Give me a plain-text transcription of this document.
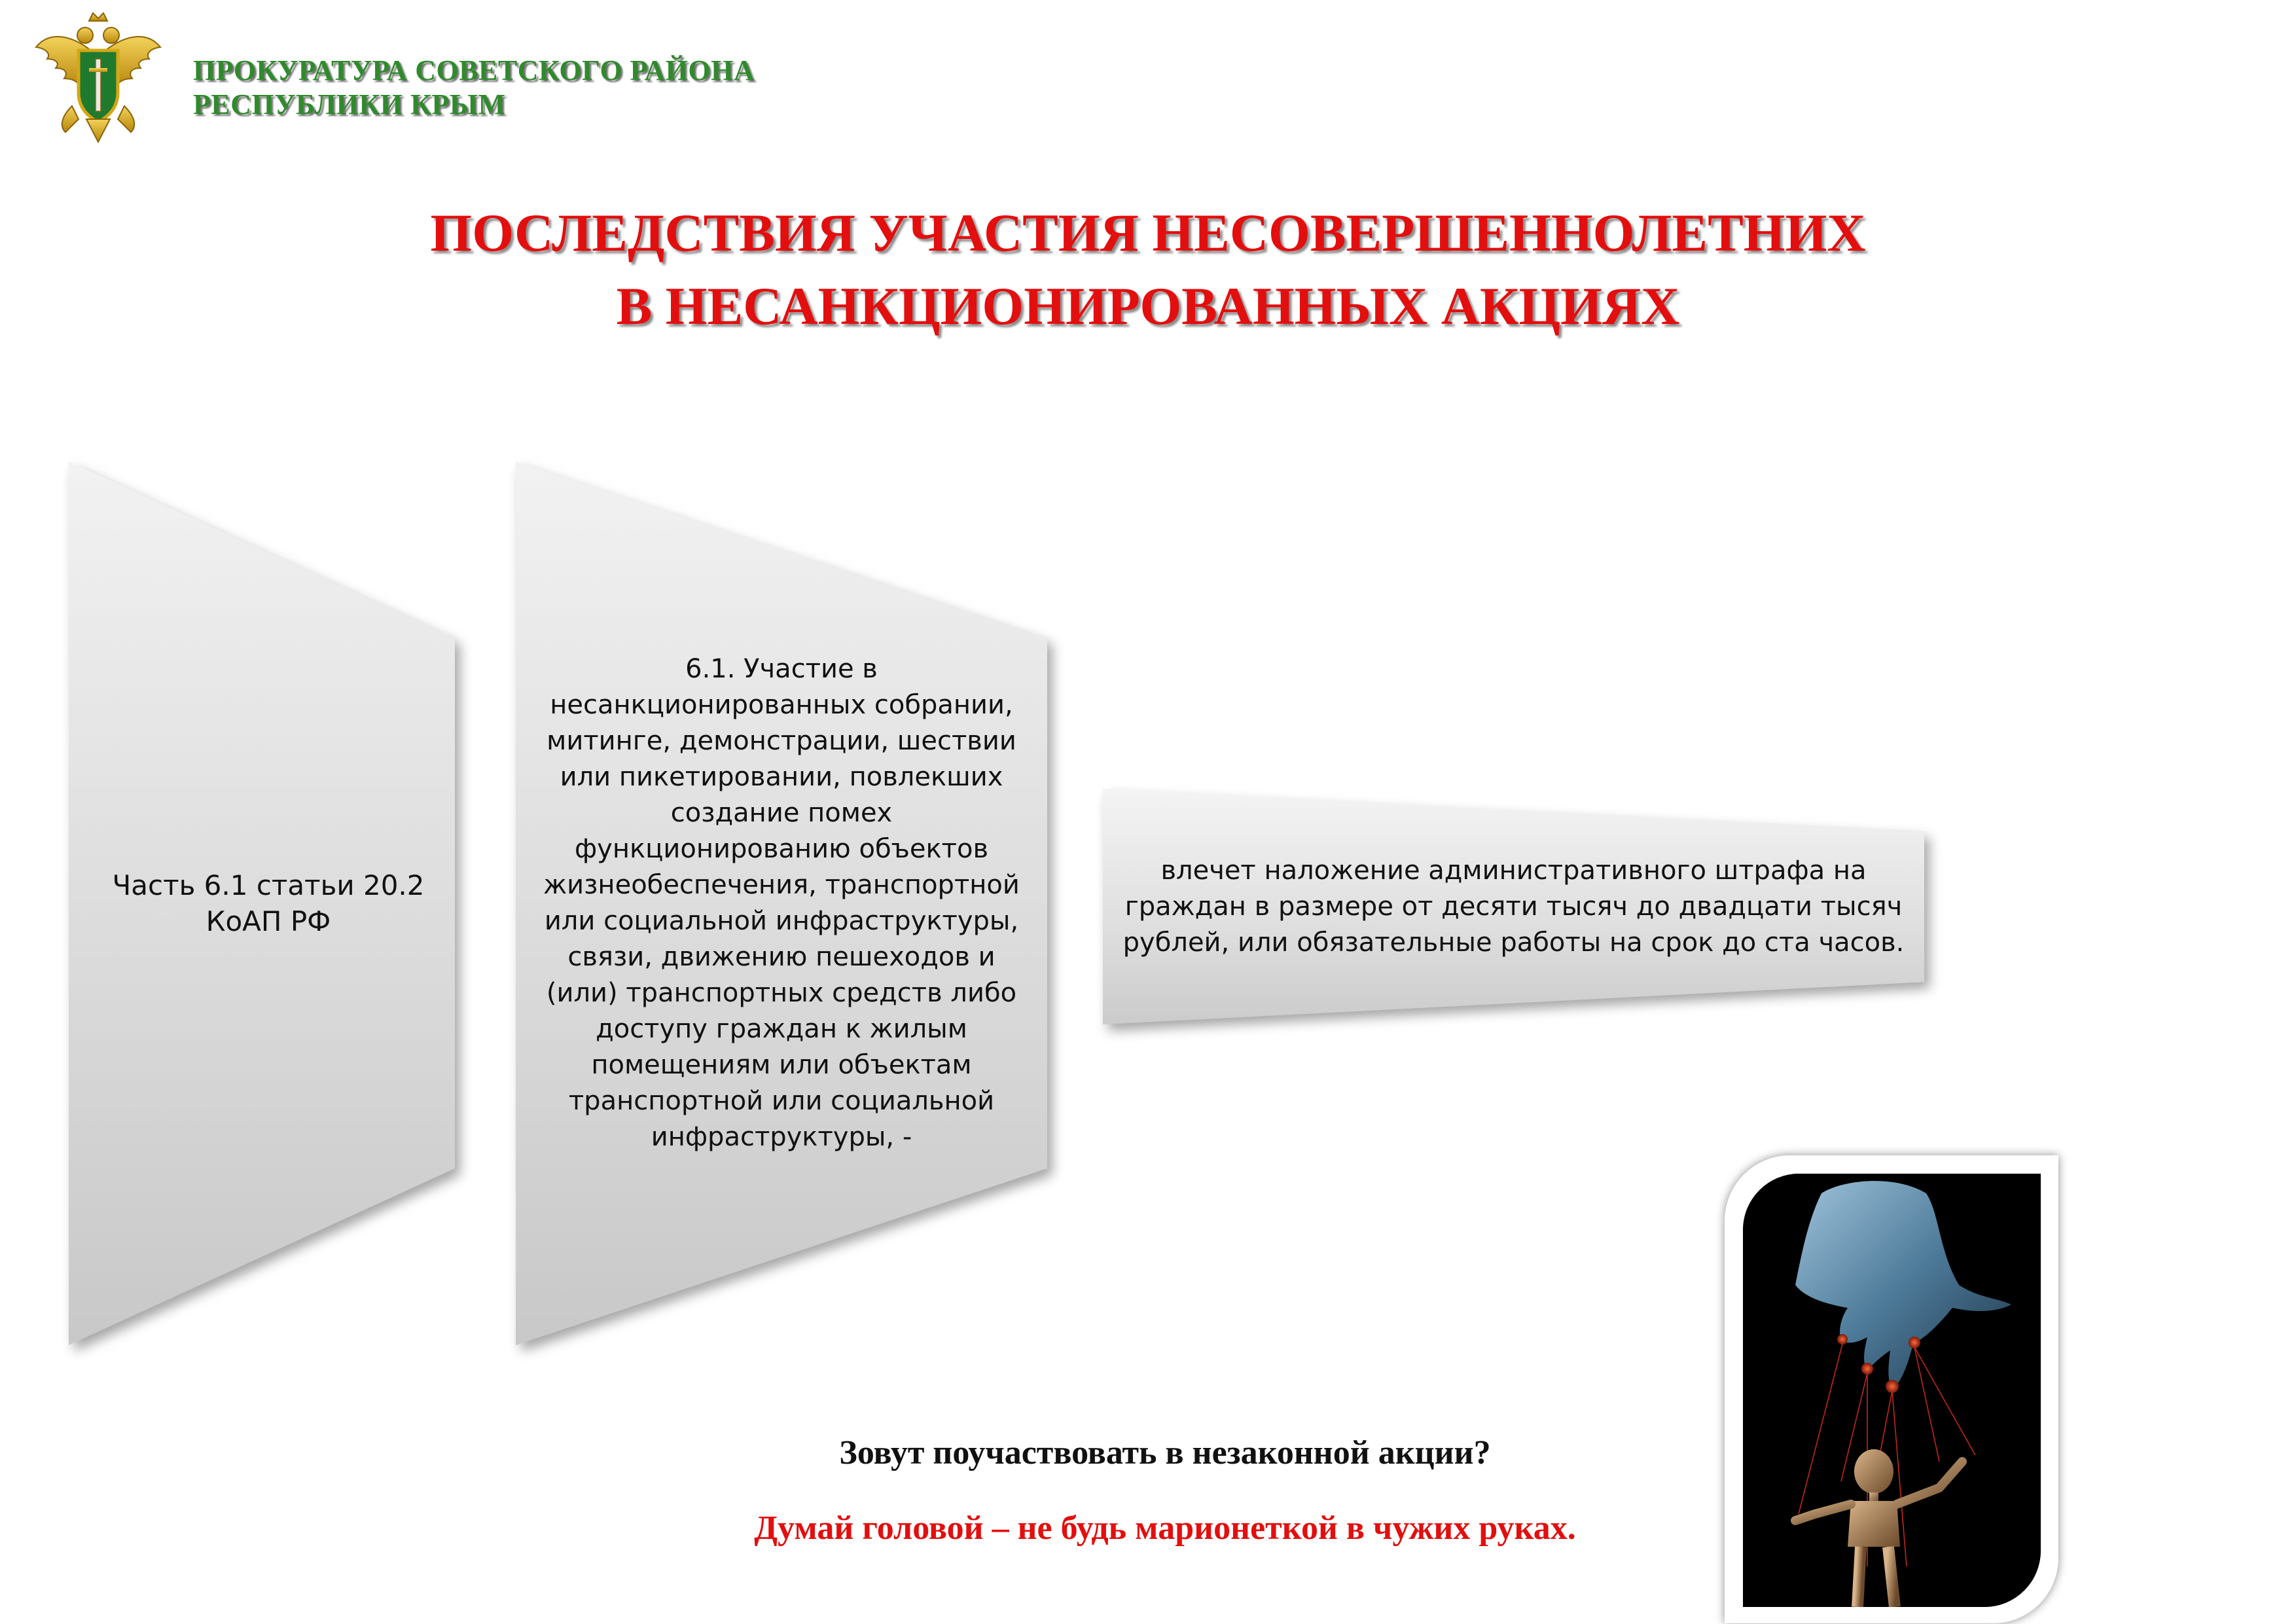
ПРОКУРАТУРА СОВЕТСКОГО РАЙОНА
РЕСПУБЛИКИ КРЫМ
ПОСЛЕДСТВИЯ УЧАСТИЯ НЕСОВЕРШЕННОЛЕТНИХ
В НЕСАНКЦИОНИРОВАННЫХ АКЦИЯХ
Часть 6.1 статьи 20.2 КоАП РФ
6.1. Участие в несанкционированных собрании, митинге, демонстрации, шествии или пикетировании, повлекших создание помех функционированию объектов жизнеобеспечения, транспортной или социальной инфраструктуры, связи, движению пешеходов и (или) транспортных средств либо доступу граждан к жилым помещениям или объектам транспортной или социальной инфраструктуры, -
влечет наложение административного штрафа на граждан в размере от десяти тысяч до двадцати тысяч рублей, или обязательные работы на срок до ста часов.

Зовут поучаствовать в незаконной акции?

Думай головой – не будь марионеткой в чужих руках.
